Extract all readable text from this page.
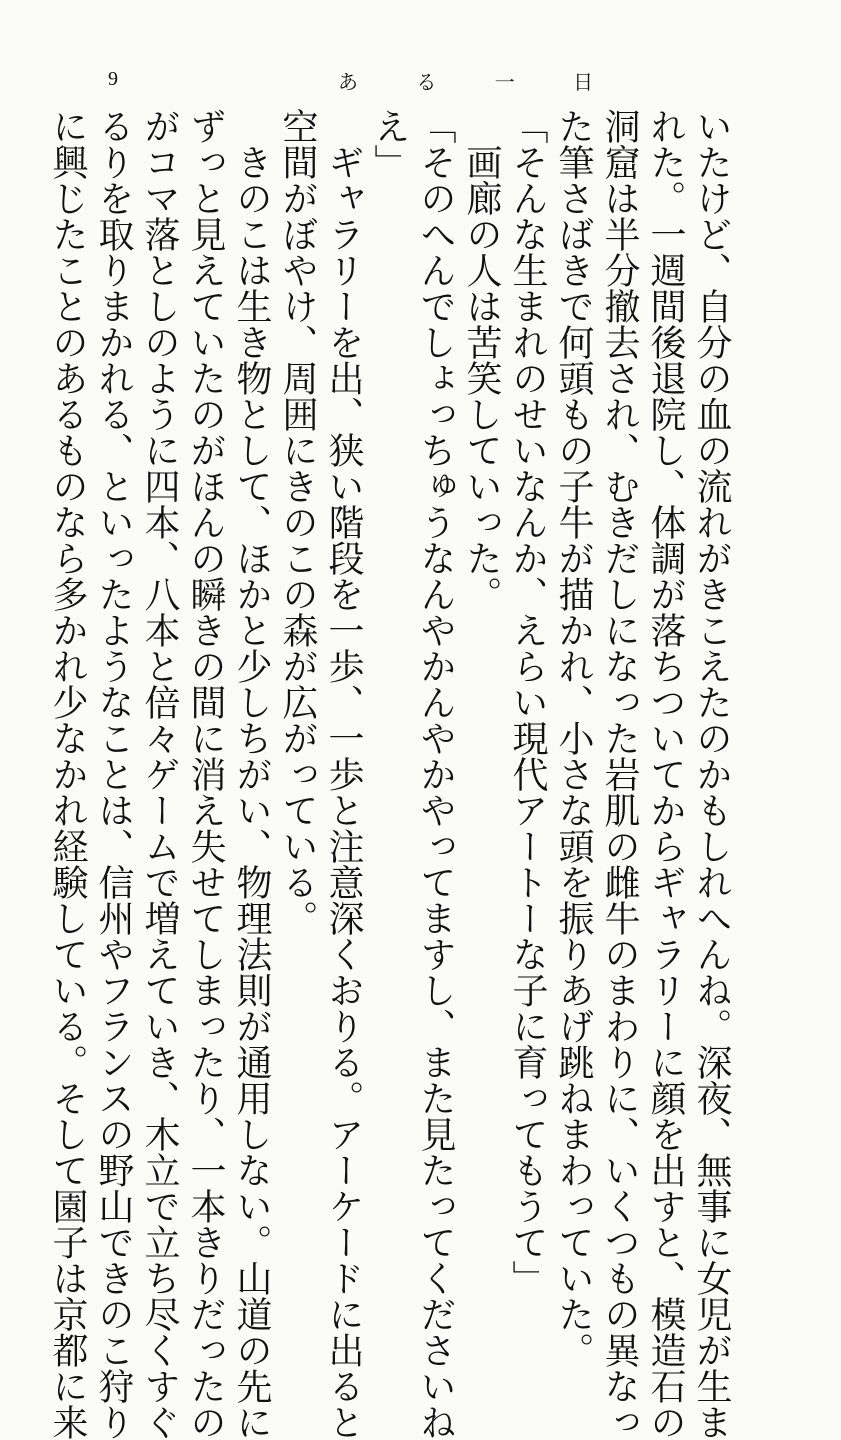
9	あ る 一 日
いたけど、自分の血の流れがきこえたのかもしれへんね。深夜、無事に女児が生ま
れた。一週間後退院し、体調が落ちついてからギャラリーに顔を出すと、模造石の
洞窟は半分撤去され、むきだしになった岩肌の雌牛のまわりに、いくつもの異なっ
た筆さばきで何頭もの子牛が描かれ、小さな頭を振りあげ跳ねまわっていた。
「そんな生まれのせいなんか、えらい現代アートーな子に育ってもうて」
　画廊の人は苦笑していった。
「そのへんでしょっちゅうなんやかんやかやってますし、また見たってくださいね
え」
　ギャラリーを出、狭い階段を一歩、一歩と注意深くおりる。アーケードに出ると
空間がぼやけ、周囲にきのこの森が広がっている。
　きのこは生き物として、ほかと少しちがい、物理法則が通用しない。山道の先に
ずっと見えていたのがほんの瞬きの間に消え失せてしまったり、一本きりだったの
がコマ落としのように四本、八本と倍々ゲームで増えていき、木立で立ち尽くすぐ
るりを取りまかれる、といったようなことは、信州やフランスの野山できのこ狩り
に興じたことのあるものなら多かれ少なかれ経験している。そして園子は京都に来
